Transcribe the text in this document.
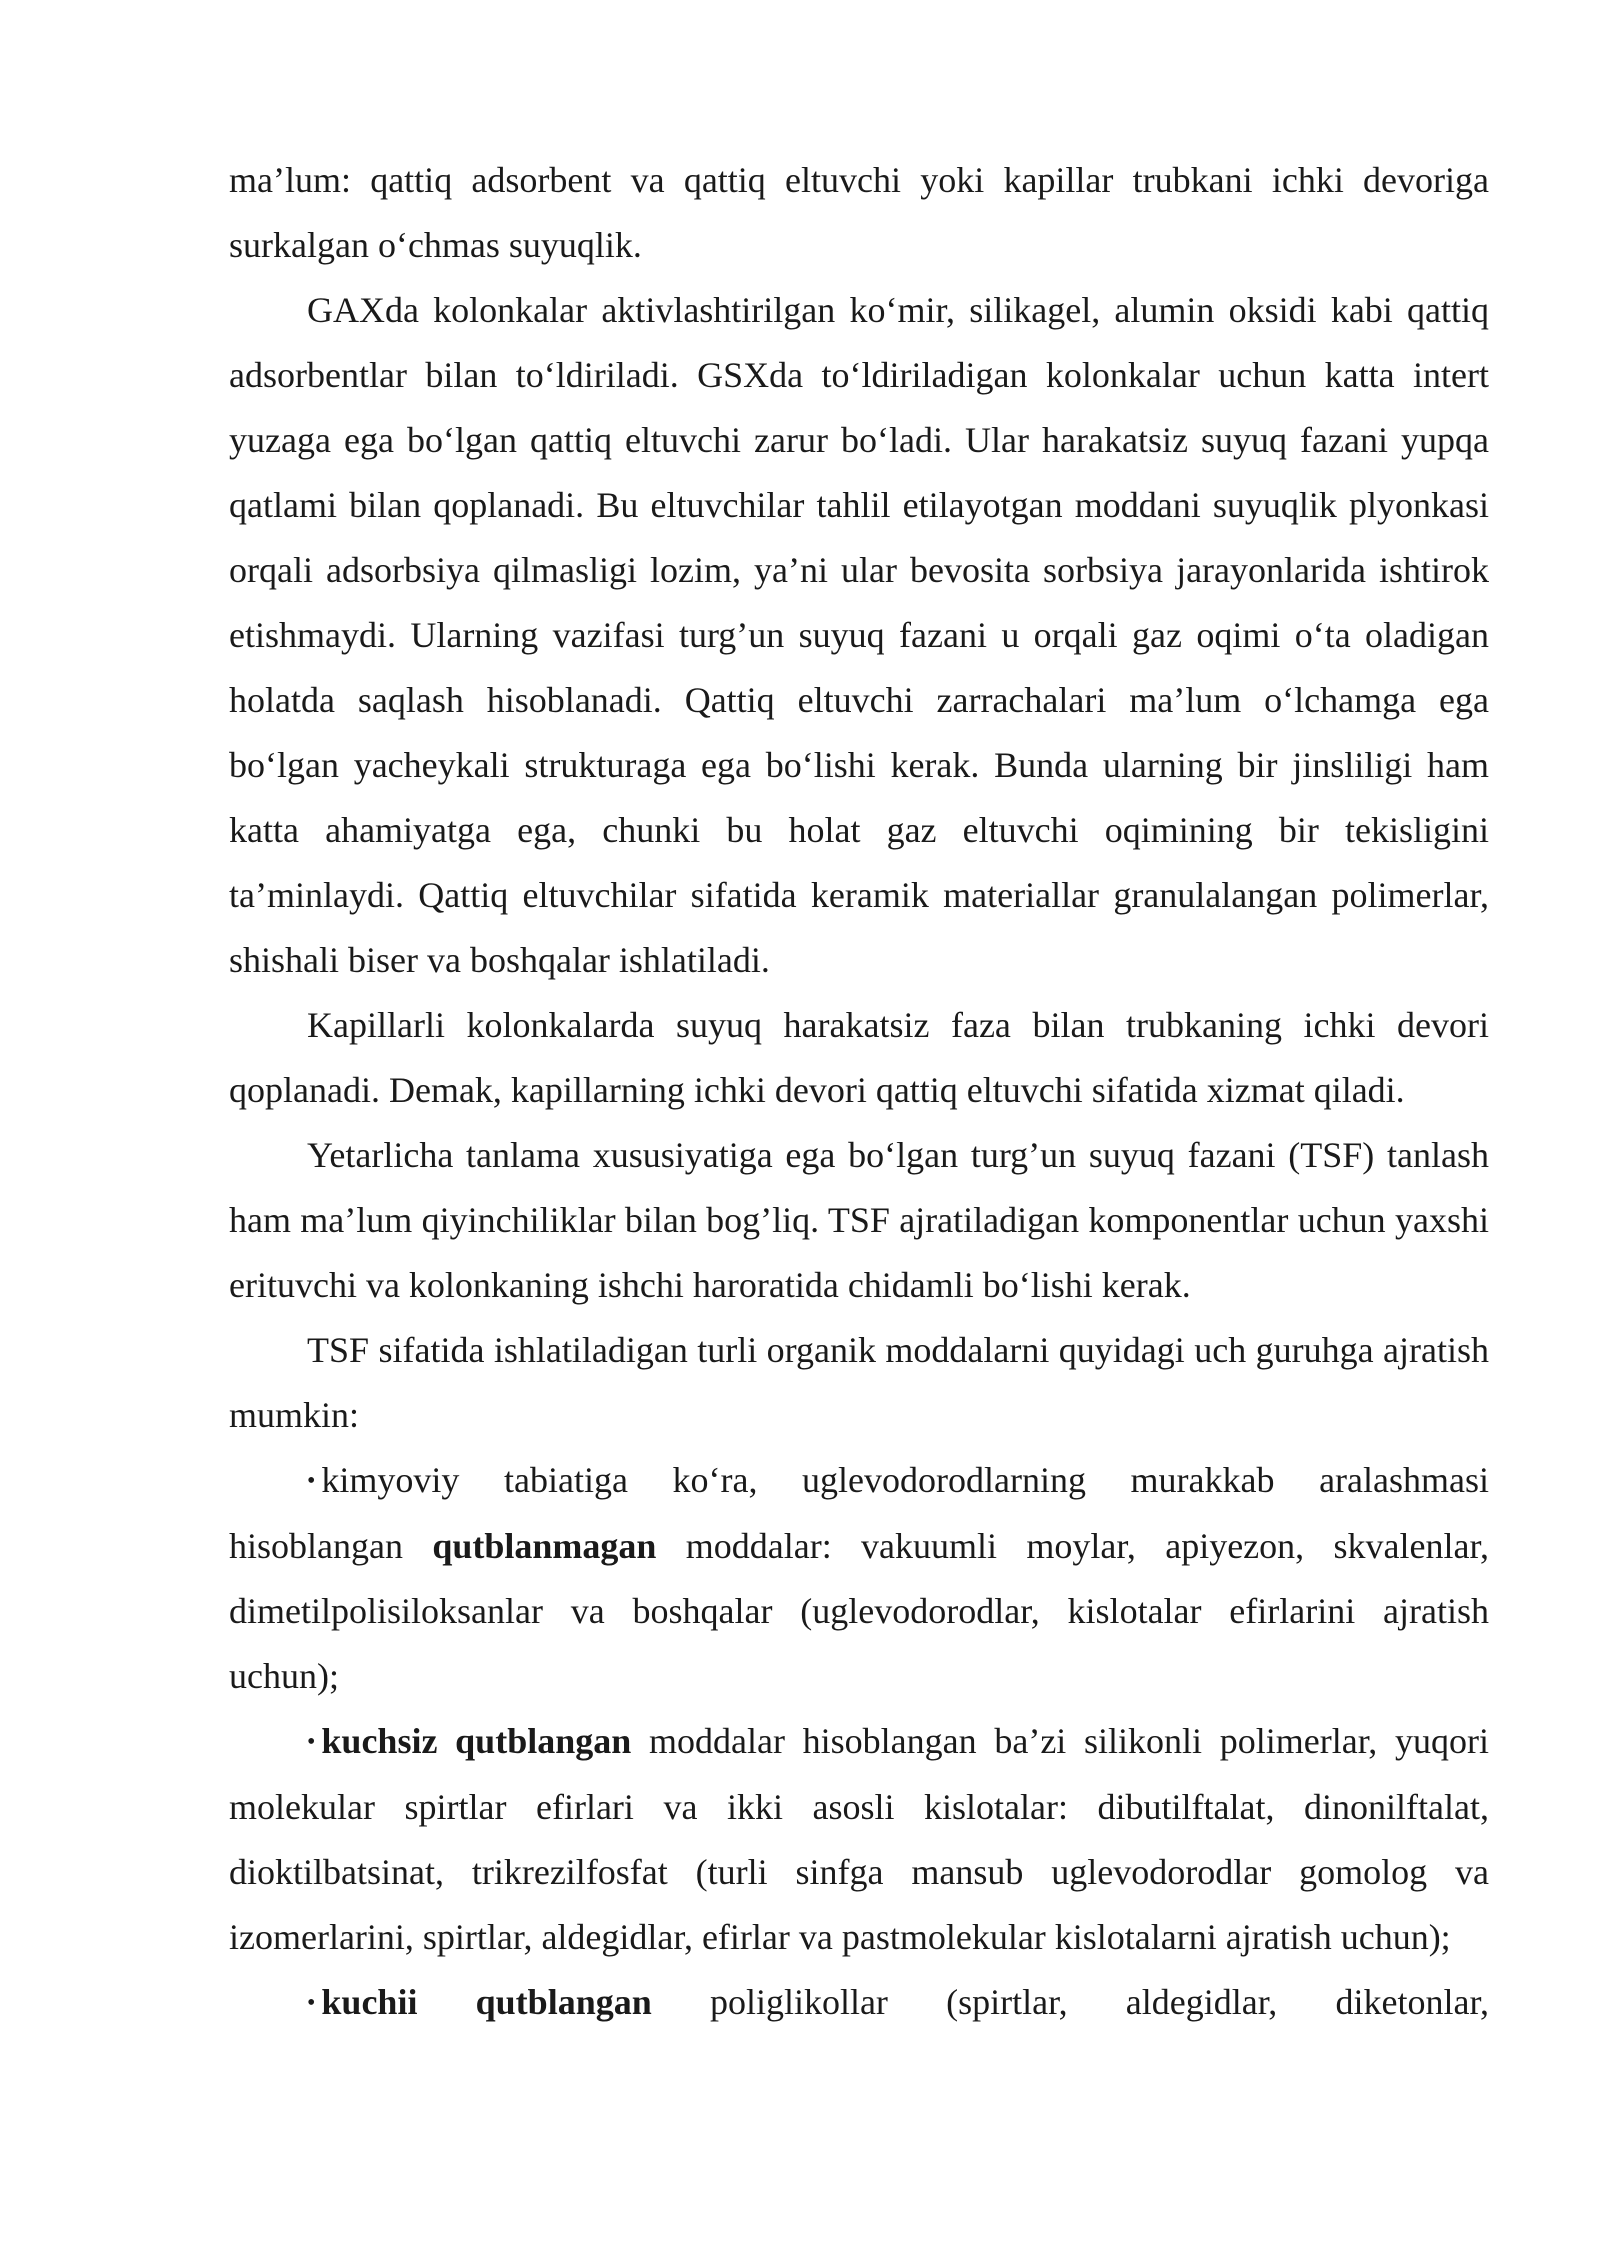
ma’lum: qattiq adsorbent va qattiq eltuvchi yoki kapillar trubkani ichki devoriga surkalgan o‘chmas suyuqlik.

GAXda kolonkalar aktivlashtirilgan ko‘mir, silikagel, alumin oksidi kabi qattiq adsorbentlar bilan to‘ldiriladi. GSXda to‘ldiriladigan kolonkalar uchun katta intert yuzaga ega bo‘lgan qattiq eltuvchi zarur bo‘ladi. Ular harakatsiz suyuq fazani yupqa qatlami bilan qoplanadi. Bu eltuvchilar tahlil etilayotgan moddani suyuqlik plyonkasi orqali adsorbsiya qilmasligi lozim, ya’ni ular bevosita sorbsiya jarayonlarida ishtirok etishmaydi. Ularning vazifasi turg’un suyuq fazani u orqali gaz oqimi o‘ta oladigan holatda saqlash hisoblanadi. Qattiq eltuvchi zarrachalari ma’lum o‘lchamga ega bo‘lgan yacheykali strukturaga ega bo‘lishi kerak. Bunda ularning bir jinsliligi ham katta ahamiyatga ega, chunki bu holat gaz eltuvchi oqimining bir tekisligini ta’minlaydi. Qattiq eltuvchilar sifatida keramik materiallar granulalangan polimerlar, shishali biser va boshqalar ishlatiladi.

Kapillarli kolonkalarda suyuq harakatsiz faza bilan trubkaning ichki devori qoplanadi. Demak, kapillarning ichki devori qattiq eltuvchi sifatida xizmat qiladi.

Yetarlicha tanlama xususiyatiga ega bo‘lgan turg’un suyuq fazani (TSF) tanlash ham ma’lum qiyinchiliklar bilan bog’liq. TSF ajratiladigan komponentlar uchun yaxshi erituvchi va kolonkaning ishchi haroratida chidamli bo‘lishi kerak.

TSF sifatida ishlatiladigan turli organik moddalarni quyidagi uch guruhga ajratish mumkin:

• kimyoviy tabiatiga ko‘ra, uglevodorodlarning murakkab aralashmasi hisoblangan qutblanmagan moddalar: vakuumli moylar, apiyezon, skvalenlar, dimetilpolisiloksanlar va boshqalar (uglevodorodlar, kislotalar efirlarini ajratish uchun);

• kuchsiz qutblangan moddalar hisoblangan ba’zi silikonli polimerlar, yuqori molekular spirtlar efirlari va ikki asosli kislotalar: dibutilftalat, dinonilftalat, dioktilbatsinat, trikrezilfosfat (turli sinfga mansub uglevodorodlar gomolog va izomerlarini, spirtlar, aldegidlar, efirlar va pastmolekular kislotalarni ajratish uchun);

• kuchii qutblangan poliglikollar (spirtlar, aldegidlar, diketonlar,
